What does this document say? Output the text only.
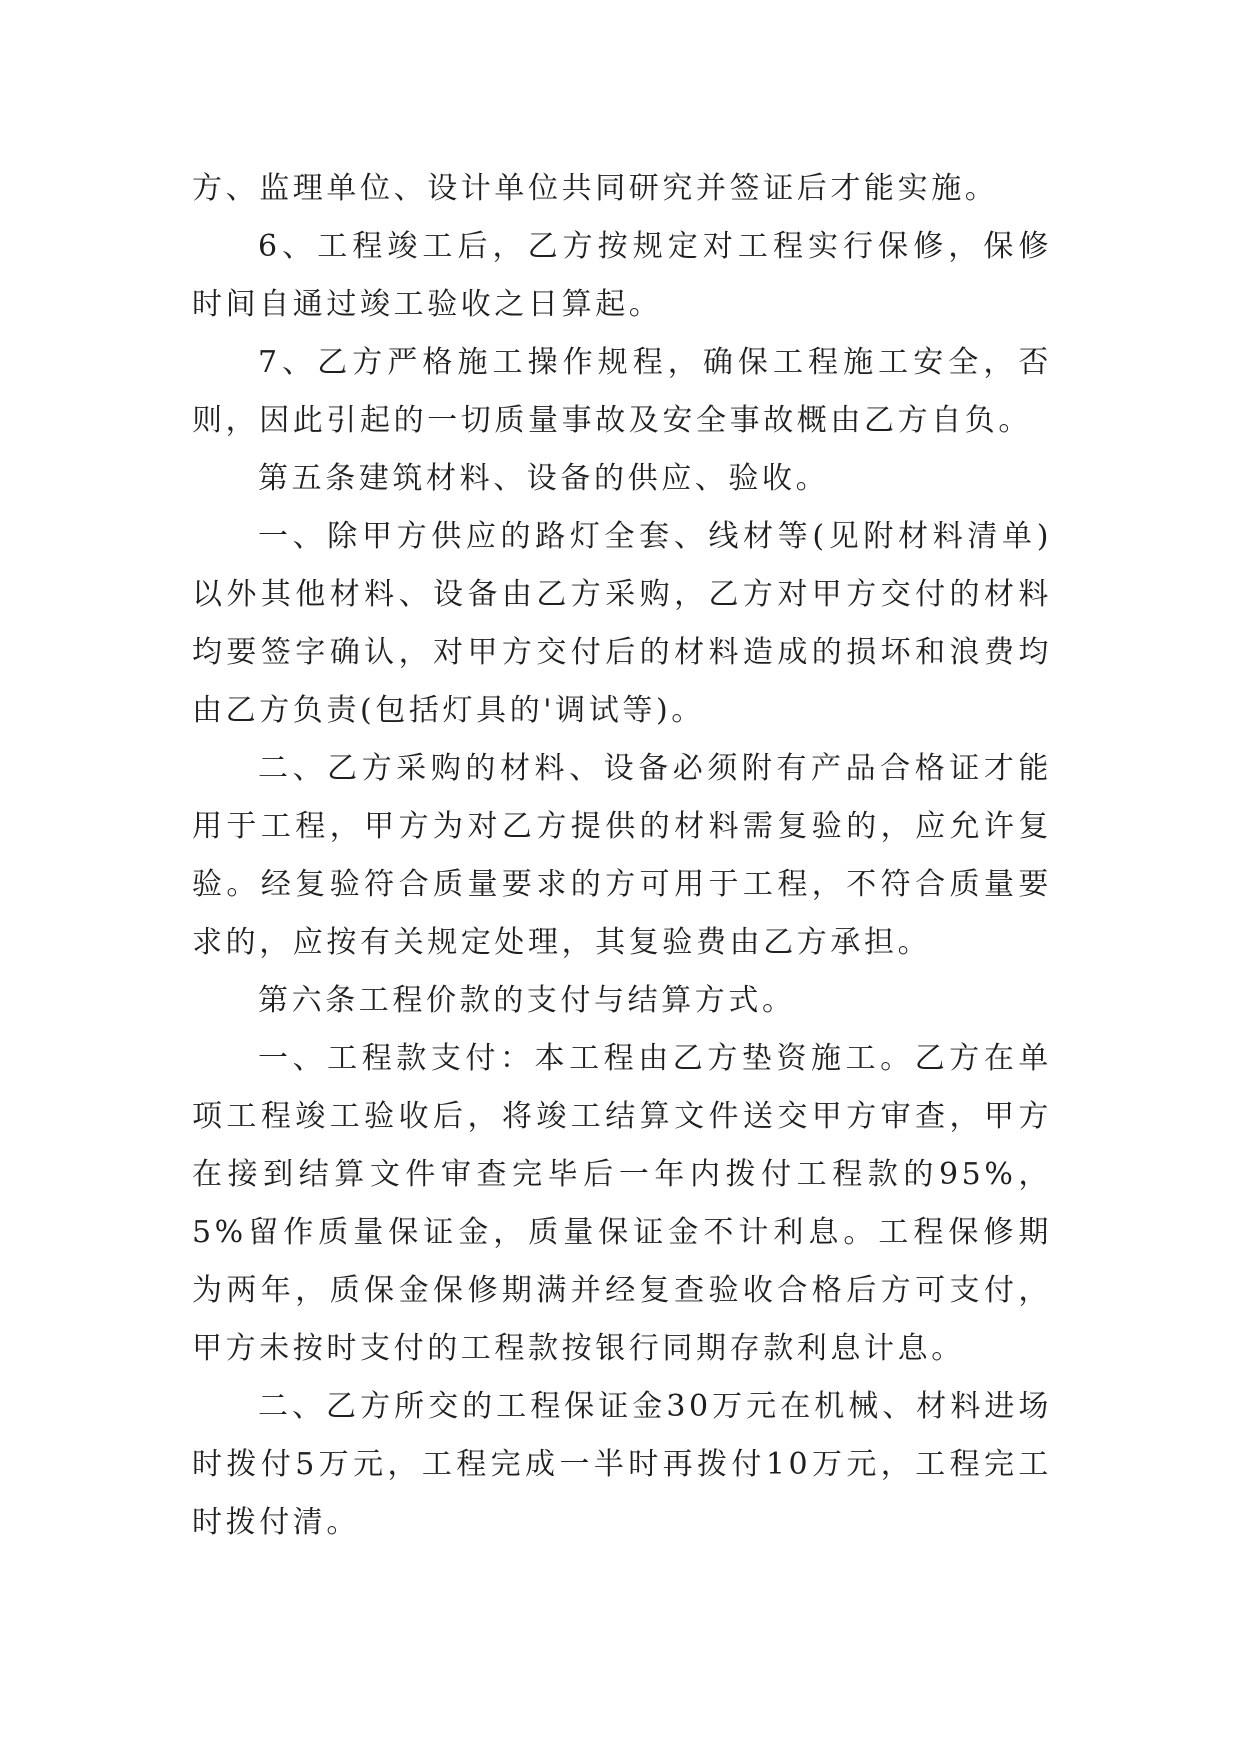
方、监理单位、设计单位共同研究并签证后才能实施。

6、工程竣工后，乙方按规定对工程实行保修，保修时间自通过竣工验收之日算起。

7、乙方严格施工操作规程，确保工程施工安全，否则，因此引起的一切质量事故及安全事故概由乙方自负。

第五条建筑材料、设备的供应、验收。

一、除甲方供应的路灯全套、线材等(见附材料清单)以外其他材料、设备由乙方采购，乙方对甲方交付的材料均要签字确认，对甲方交付后的材料造成的损坏和浪费均由乙方负责(包括灯具的'调试等)。

二、乙方采购的材料、设备必须附有产品合格证才能用于工程，甲方为对乙方提供的材料需复验的，应允许复验。经复验符合质量要求的方可用于工程，不符合质量要求的，应按有关规定处理，其复验费由乙方承担。

第六条工程价款的支付与结算方式。

一、工程款支付：本工程由乙方垫资施工。乙方在单项工程竣工验收后，将竣工结算文件送交甲方审查，甲方在接到结算文件审查完毕后一年内拨付工程款的95%，5%留作质量保证金，质量保证金不计利息。工程保修期为两年，质保金保修期满并经复查验收合格后方可支付，甲方未按时支付的工程款按银行同期存款利息计息。

二、乙方所交的工程保证金30万元在机械、材料进场时拨付5万元，工程完成一半时再拨付10万元，工程完工时拨付清。
